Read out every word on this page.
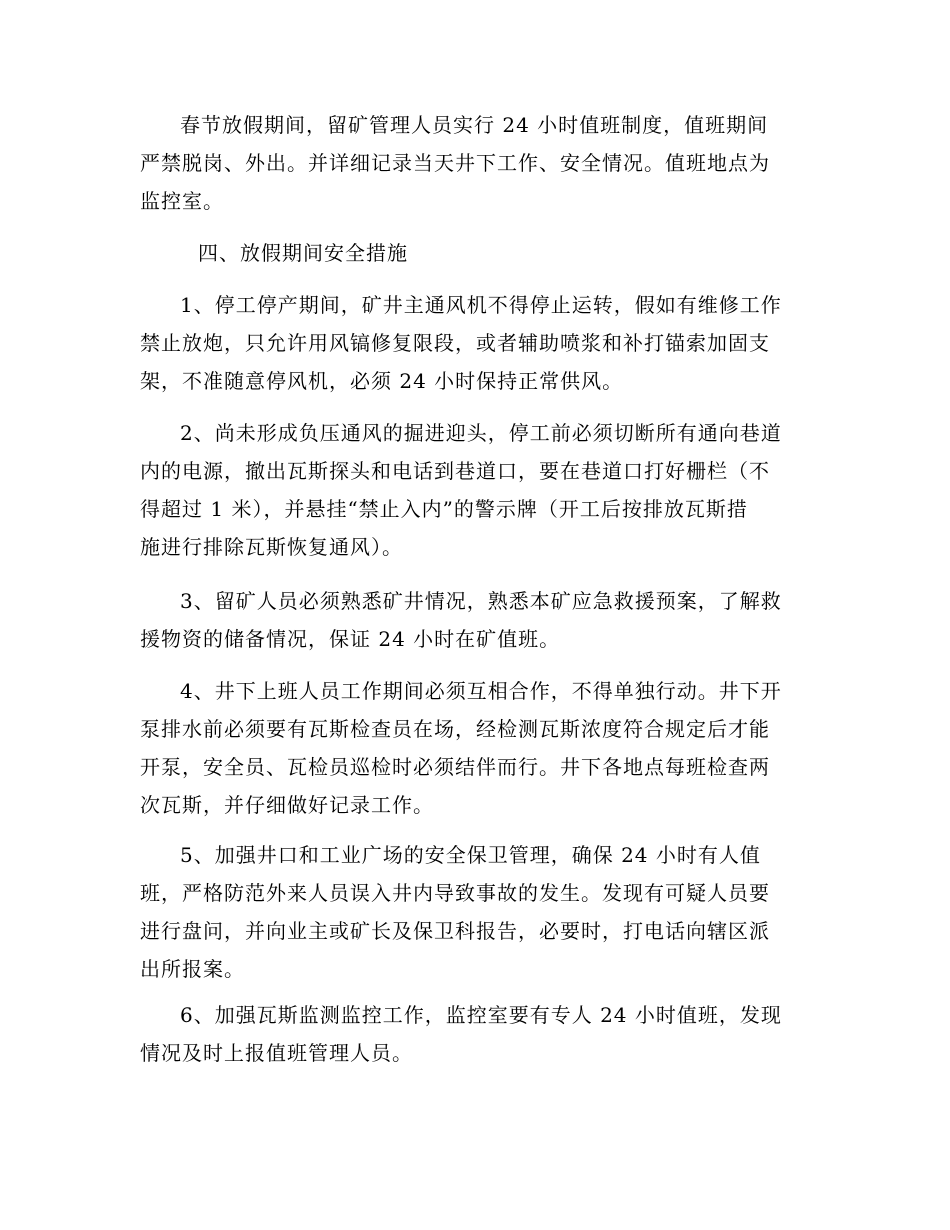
春节放假期间，留矿管理人员实行 24 小时值班制度，值班期间
严禁脱岗、外出。并详细记录当天井下工作、安全情况。值班地点为
监控室。

四、放假期间安全措施

1、停工停产期间，矿井主通风机不得停止运转，假如有维修工作
禁止放炮，只允许用风镐修复限段，或者辅助喷浆和补打锚索加固支
架，不准随意停风机，必须 24 小时保持正常供风。

2、尚未形成负压通风的掘进迎头，停工前必须切断所有通向巷道
内的电源，撤出瓦斯探头和电话到巷道口，要在巷道口打好栅栏（不
得超过 1 米），并悬挂“禁止入内”的警示牌（开工后按排放瓦斯措
施进行排除瓦斯恢复通风）。

3、留矿人员必须熟悉矿井情况，熟悉本矿应急救援预案，了解救
援物资的储备情况，保证 24 小时在矿值班。

4、井下上班人员工作期间必须互相合作，不得单独行动。井下开
泵排水前必须要有瓦斯检查员在场，经检测瓦斯浓度符合规定后才能
开泵，安全员、瓦检员巡检时必须结伴而行。井下各地点每班检查两
次瓦斯，并仔细做好记录工作。

5、加强井口和工业广场的安全保卫管理，确保 24 小时有人值
班，严格防范外来人员误入井内导致事故的发生。发现有可疑人员要
进行盘问，并向业主或矿长及保卫科报告，必要时，打电话向辖区派
出所报案。

6、加强瓦斯监测监控工作，监控室要有专人 24 小时值班，发现
情况及时上报值班管理人员。
